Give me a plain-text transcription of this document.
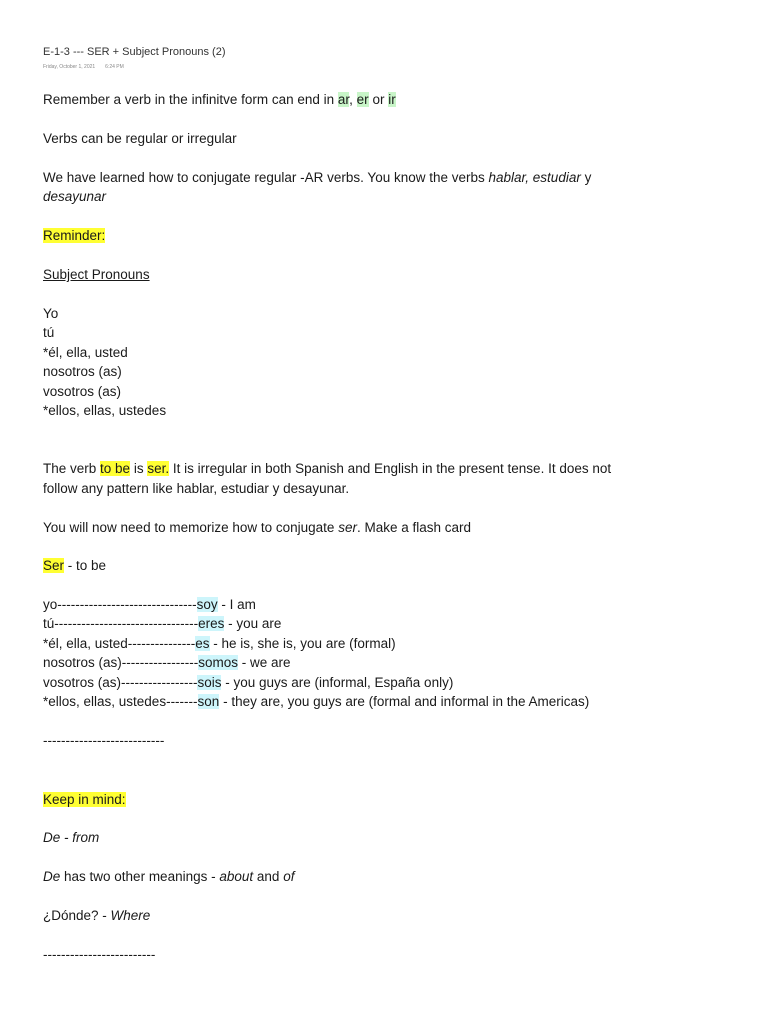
E-1-3 --- SER + Subject Pronouns (2)
Friday, October 1, 2021 6:24 PM
Remember a verb in the infinitve form can end in ar, er or ir
Verbs can be regular or irregular
We have learned how to conjugate regular -AR verbs. You know the verbs hablar, estudiar y
desayunar
Reminder:
Subject Pronouns
Yo
tú
*él, ella, usted
nosotros (as)
vosotros (as)
*ellos, ellas, ustedes
The verb to be is ser. It is irregular in both Spanish and English in the present tense. It does not
follow any pattern like hablar, estudiar y desayunar.
You will now need to memorize how to conjugate ser. Make a flash card
Ser - to be
yo-------------------------------soy - I am
tú--------------------------------eres - you are
*él, ella, usted---------------es - he is, she is, you are (formal)
nosotros (as)-----------------somos - we are
vosotros (as)-----------------sois - you guys are (informal, España only)
*ellos, ellas, ustedes-------son - they are, you guys are (formal and informal in the Americas)
---------------------------
Keep in mind:
De - from
De has two other meanings - about and of
¿Dónde? - Where
-------------------------
